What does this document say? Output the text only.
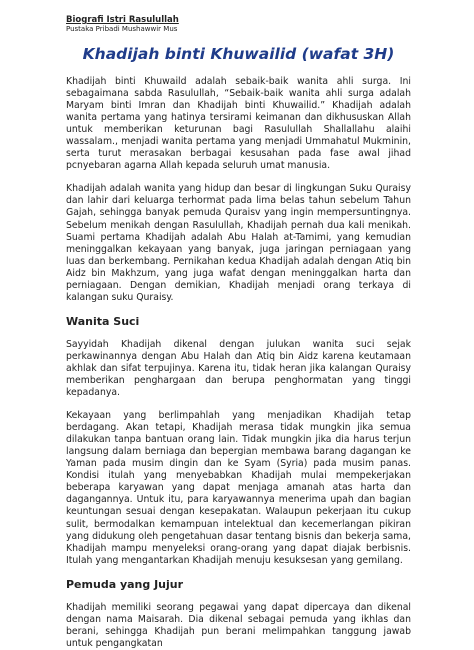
Biografi Istri Rasulullah

Pustaka Pribadi Mushawwir Mus

Khadijah binti Khuwailid (wafat 3H)

Khadijah binti Khuwaild adalah sebaik-baik wanita ahli surga. Ini sebagaimana sabda Rasulullah, “Sebaik-baik wanita ahli surga adalah Maryam binti Imran dan Khadijah binti Khuwailid.” Khadijah adalah wanita pertama yang hatinya tersirami keimanan dan dikhususkan Allah untuk memberikan keturunan bagi Rasulullah Shallallahu alaihi wassalam., menjadi wanita pertama yang menjadi Ummahatul Mukminin, serta turut merasakan berbagai kesusahan pada fase awal jihad pcnyebaran agarna Allah kepada seluruh umat manusia.

Khadijah adalah wanita yang hidup dan besar di lingkungan Suku Quraisy dan lahir dari keluarga terhormat pada lima belas tahun sebelum Tahun Gajah, sehingga banyak pemuda Quraisv yang ingin mempersuntingnya. Sebelum menikah dengan Rasulullah, Khadijah pernah dua kali menikah. Suami pertama Khadijah adalah Abu Halah at-Tamimi, yang kemudian meninggalkan kekayaan yang banyak, juga jaringan perniagaan yang luas dan berkembang. Pernikahan kedua Khadijah adalah dengan Atiq bin Aidz bin Makhzum, yang juga wafat dengan meninggalkan harta dan perniagaan. Dengan demikian, Khadijah menjadi orang terkaya di kalangan suku Quraisy.

Wanita Suci

Sayyidah Khadijah dikenal dengan julukan wanita suci sejak perkawinannya dengan Abu Halah dan Atiq bin Aidz karena keutamaan akhlak dan sifat terpujinya. Karena itu, tidak heran jika kalangan Quraisy memberikan penghargaan dan berupa penghormatan yang tinggi kepadanya.

Kekayaan yang berlimpahlah yang menjadikan Khadijah tetap berdagang. Akan tetapi, Khadijah merasa tidak mungkin jika semua dilakukan tanpa bantuan orang lain. Tidak mungkin jika dia harus terjun langsung dalam berniaga dan bepergian membawa barang dagangan ke Yaman pada musim dingin dan ke Syam (Syria) pada musim panas. Kondisi itulah yang menyebabkan Khadijah mulai mempekerjakan beberapa karyawan yang dapat menjaga amanah atas harta dan dagangannya. Untuk itu, para karyawannya menerima upah dan bagian keuntungan sesuai dengan kesepakatan. Walaupun pekerjaan itu cukup sulit, bermodalkan kemampuan intelektual dan kecemerlangan pikiran yang didukung oleh pengetahuan dasar tentang bisnis dan bekerja sama, Khadijah mampu menyeleksi orang-orang yang dapat diajak berbisnis. Itulah yang mengantarkan Khadijah menuju kesuksesan yang gemilang.

Pemuda yang Jujur

Khadijah memiliki seorang pegawai yang dapat dipercaya dan dikenal dengan nama Maisarah. Dia dikenal sebagai pemuda yang ikhlas dan berani, sehingga Khadijah pun berani melimpahkan tanggung jawab untuk pengangkatan
